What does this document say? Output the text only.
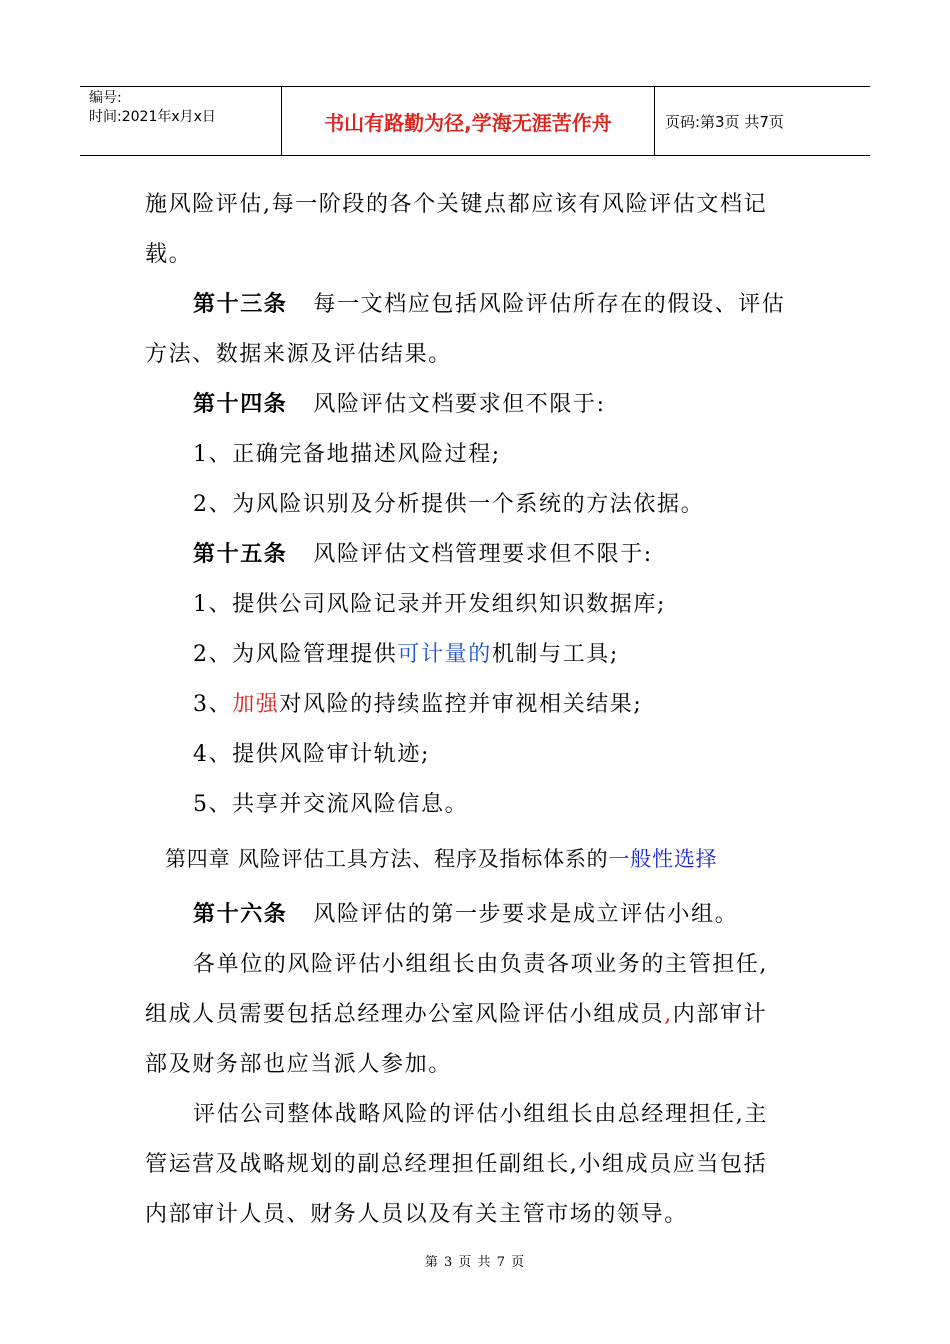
编号:
时间:2021年x月x日	书山有路勤为径,学海无涯苦作舟	页码:第3页 共7页

施风险评估,每一阶段的各个关键点都应该有风险评估文档记

载。

第十三条 每一文档应包括风险评估所存在的假设、评估

方法、数据来源及评估结果。

第十四条 风险评估文档要求但不限于:

1、正确完备地描述风险过程;

2、为风险识别及分析提供一个系统的方法依据。

第十五条 风险评估文档管理要求但不限于:

1、提供公司风险记录并开发组织知识数据库;

2、为风险管理提供可计量的机制与工具;

3、加强对风险的持续监控并审视相关结果;

4、提供风险审计轨迹;

5、共享并交流风险信息。

第四章 风险评估工具方法、程序及指标体系的一般性选择

第十六条 风险评估的第一步要求是成立评估小组。

各单位的风险评估小组组长由负责各项业务的主管担任,

组成人员需要包括总经理办公室风险评估小组成员,内部审计

部及财务部也应当派人参加。

评估公司整体战略风险的评估小组组长由总经理担任,主

管运营及战略规划的副总经理担任副组长,小组成员应当包括

内部审计人员、财务人员以及有关主管市场的领导。

第 3 页 共 7 页
